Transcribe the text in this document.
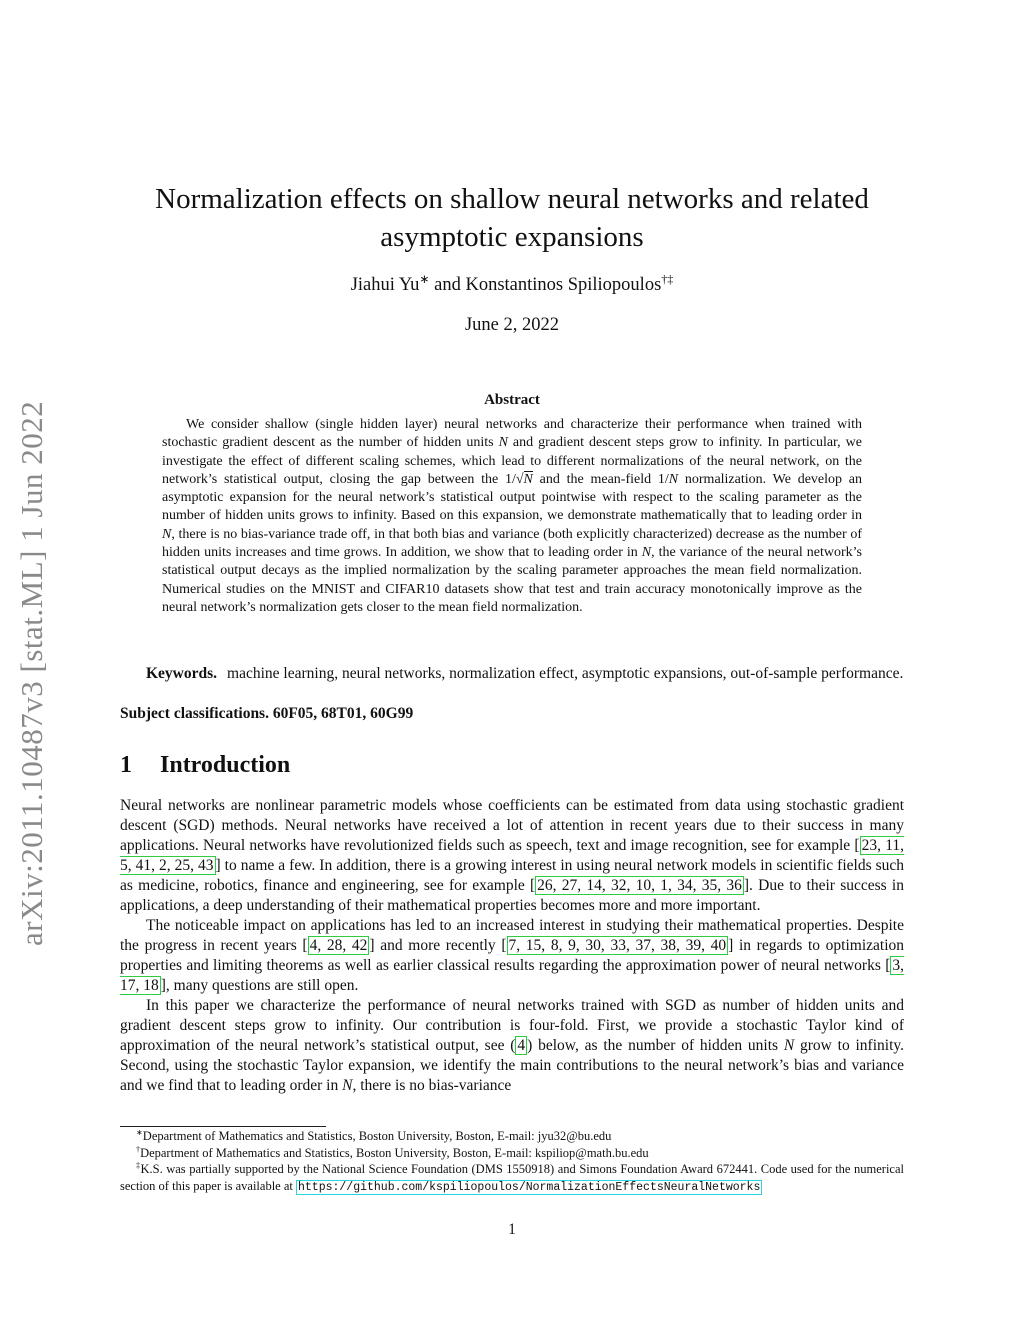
arXiv:2011.10487v3 [stat.ML] 1 Jun 2022
Normalization effects on shallow neural networks and related
asymptotic expansions
Jiahui Yu∗ and Konstantinos Spiliopoulos†‡
June 2, 2022
Abstract

We consider shallow (single hidden layer) neural networks and characterize their performance when trained with stochastic gradient descent as the number of hidden units N and gradient descent steps grow to infinity. In particular, we investigate the effect of different scaling schemes, which lead to different normalizations of the neural network, on the network’s statistical output, closing the gap between the 1/√N and the mean-field 1/N normalization. We develop an asymptotic expansion for the neural network’s statistical output pointwise with respect to the scaling parameter as the number of hidden units grows to infinity. Based on this expansion, we demonstrate mathematically that to leading order in N, there is no bias-variance trade off, in that both bias and variance (both explicitly characterized) decrease as the number of hidden units increases and time grows. In addition, we show that to leading order in N, the variance of the neural network’s statistical output decays as the implied normalization by the scaling parameter approaches the mean field normalization. Numerical studies on the MNIST and CIFAR10 datasets show that test and train accuracy monotonically improve as the neural network’s normalization gets closer to the mean field normalization.

Keywords. machine learning, neural networks, normalization effect, asymptotic expansions, out-of-sample performance.

Subject classifications. 60F05, 68T01, 60G99
1 Introduction

Neural networks are nonlinear parametric models whose coefficients can be estimated from data using stochastic gradient descent (SGD) methods. Neural networks have received a lot of attention in recent years due to their success in many applications. Neural networks have revolutionized fields such as speech, text and image recognition, see for example [ 23, 11, 5, 41, 2, 25, 43 ] to name a few. In addition, there is a growing interest in using neural network models in scientific fields such as medicine, robotics, finance and engineering, see for example [ 26, 27, 14, 32, 10, 1, 34, 35, 36 ]. Due to their success in applications, a deep understanding of their mathematical properties becomes more and more important.

The noticeable impact on applications has led to an increased interest in studying their mathematical properties. Despite the progress in recent years [ 4, 28, 42 ] and more recently [ 7, 15, 8, 9, 30, 33, 37, 38, 39, 40 ] in regards to optimization properties and limiting theorems as well as earlier classical results regarding the approximation power of neural networks [ 3, 17, 18 ], many questions are still open.

In this paper we characterize the performance of neural networks trained with SGD as number of hidden units and gradient descent steps grow to infinity. Our contribution is four-fold. First, we provide a stochastic Taylor kind of approximation of the neural network’s statistical output, see ( 4 ) below, as the number of hidden units N grow to infinity. Second, using the stochastic Taylor expansion, we identify the main contributions to the neural network’s bias and variance and we find that to leading order in N, there is no bias-variance

∗Department of Mathematics and Statistics, Boston University, Boston, E-mail: jyu32@bu.edu
†Department of Mathematics and Statistics, Boston University, Boston, E-mail: kspiliop@math.bu.edu
‡K.S. was partially supported by the National Science Foundation (DMS 1550918) and Simons Foundation Award 672441. Code used for the numerical section of this paper is available at https://github.com/kspiliopoulos/NormalizationEffectsNeuralNetworks
1
